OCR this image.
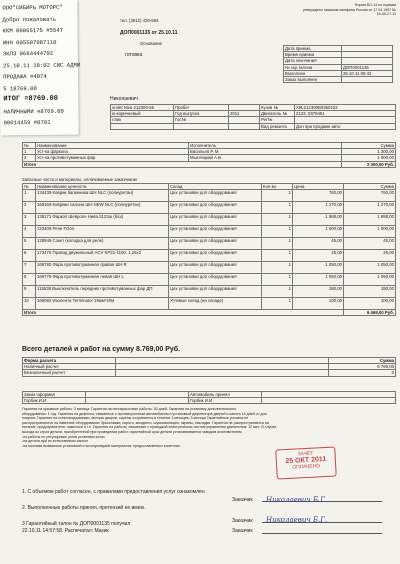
тел. (3812) 430-593
ДОП0001135 от 25.10.11
Основание
готовка
Форма БО-14 по нормам
утверждено письмом минфина России от 17.04.1997 №
16-00-27-11
Дата приема	
Время приема	
Дата окончания	
№ гар.талона	ДОП0001135
Выполнен	25.10.11 09:42
Заказ выполнен	
Николаевич
vrolet Niva 212300-55	Пробег		Кузов №	Х9L212300В0360102
ю-коричневый	Год выпуска	2011	Двигатель №	2123, 0379451
ллик	Гос№		Рег№	
			Вид ремонта	Доп при продаже авто
№	Наименование	Исполнитель	Сумма
1	Уст-ка фаркопа	Васильев Р. М	1 300,00
2	Уст-ка противотуманных фар	Мыслицкий А.Б.	1 000,00
Итого			2 300,00 Руб.
Запасные части и материалы, оплачиваемые заказчиком
№	Наименование ценности	Склад	Кол-во	Цена	Сумма
1	134439 Коврик багажника ШН NLC (полиуретан)	Цех установки доп оборудования	1	760,00	760,00
2	168168 Коврики салона ШН NEW NLC (полиуретан)	Цех установки доп оборудования	1	1 270,00	1 270,00
3	138171 Фаркоп Шевроле Нива 2123ш (б/ш)	Цех установки доп оборудования	1	1 988,00	1 988,00
4	123408 Репе Fclon	Цех установки доп оборудования	1	1 000,00	1 000,00
5	128949 Cокет (колодка для реле)	Цех установки доп оборудования	1	45,00	45,00
6	173476 Провод двужильный ACV KP21-1100. 1,25х2	Цех установки доп оборудования	1	25,00	25,00
7	169780 Фара противотуманная правая ШН R	Цех установки доп оборудования	1	1 050,00	1 050,00
8	169779 Фара противотуманная левая ШН L	Цех установки доп оборудования	1	1 050,00	1 050,00
9	115538 Выключатель передних противотуманных фар ДП	Цех установки доп оборудования	1	180,00	180,00
10	166082 Изолента Terminator 19мм*20м	Углевые склад (на складе)	1	100,00	100,00
Итого					6 469,00 Руб.
Всего деталей и работ на сумму 8.769,00 Руб.
Форма расчета		Сумма
Наличный расчет		8 769,00
Безналичный расчет		0
Заказ оформил		Автомобиль принял	
Горбик И.И		Горбик И.И	
Гарантия на кузовные работы: 3 месяца. Гарантия на непокрасочные работы- 30 дней. Гарантия на установку дополнительного
оборудования: 1 год. Гарантия на дефекты, связанные с противоугонным автомобилем и установкой дефлектора дверей и капота 14 дней со дня
покупки. Гарантия на стеклоподъемники, моторы дворни, сирены сохраняется в течение 3 месяцев. 3 месяца Гарантийные условия не
распространяются на навесное оборудование: брызговики, пороги, молдинги, шумоизоляцию, экраны, накладки. Гарантия не распространяется на
питание, предохранители, лампочки и т.п. Гарантия на работы, связанные с проводкой электрических систем управления двигателем: 12 мес. В случае
выхода из строя детали, приобретенной при проведении работ, гарантийный срок детали устанавливается заводом изготовителем.
-на работы по регулировке углов установки колес
-на детали при их естественном износе
-на поломки вызванные установкой и эксплуатацией материалов, предоставленных клиентом
ЗАЧЕТ
25 ОКТ 2011
ОПЛАЧЕНО
1. С объемом работ согласен, с правилами предоставления услуг ознакомлен
Заказчик Николаевич Б.Г.
2. Выполненные работы принял, претензий не имею.
Заказчик Николаевич Б.Г.
3 Гарантийный талон № ДОП0001135 получил
22.10.11 14:57:58. Распечатал: Мазик	Заказчик
ООО"СИБИРЬ МОТОРС"
Добро пожаловать
ККМ 00065175 #5547
ИНН 005507087110
ЭКЛЗ 0684444792
25.10.11 18:02 СИС АДМИ
ПРОДАЖА #4074
5 18769.00
ИТОГ ≡8769.00
НАЛИЧНЫМИ ≡8769.00
00014459 #0781
